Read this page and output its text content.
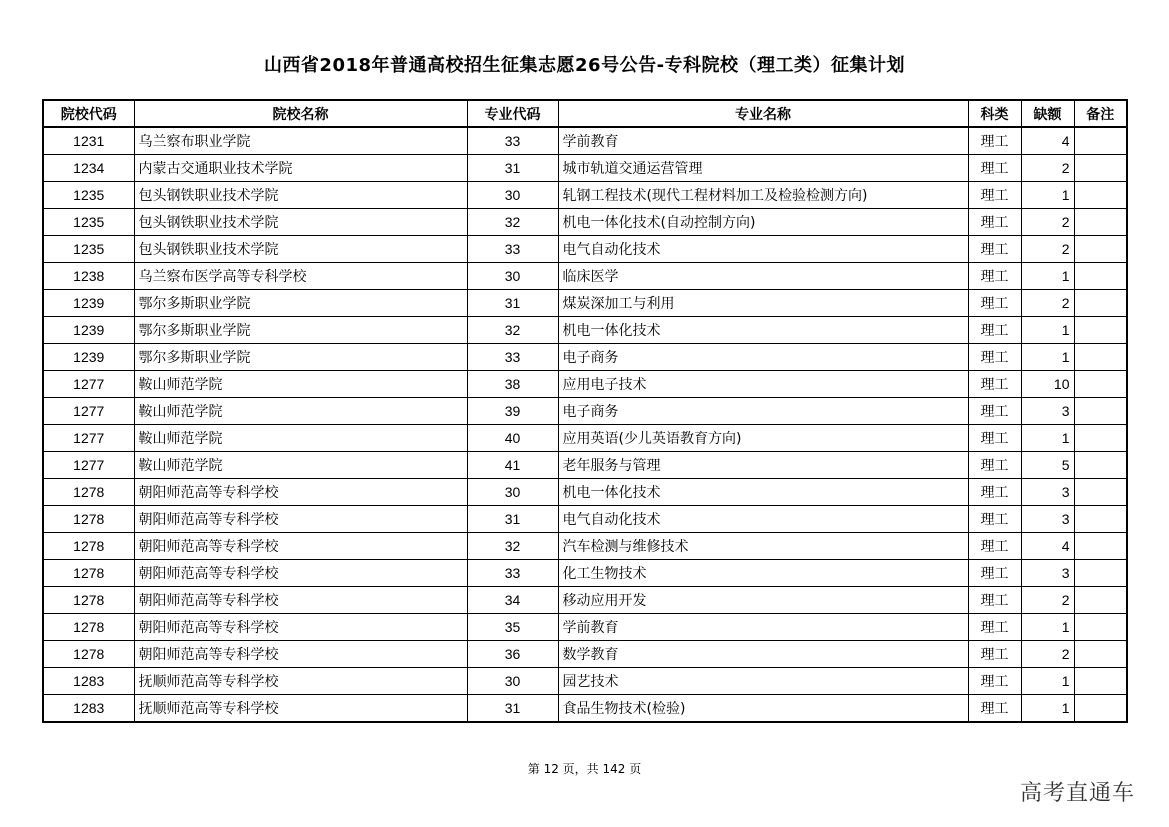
山西省2018年普通高校招生征集志愿26号公告-专科院校（理工类）征集计划
院校代码	院校名称	专业代码	专业名称	科类	缺额	备注
1231	乌兰察布职业学院	33	学前教育	理工	4	
1234	内蒙古交通职业技术学院	31	城市轨道交通运营管理	理工	2	
1235	包头钢铁职业技术学院	30	轧钢工程技术(现代工程材料加工及检验检测方向)	理工	1	
1235	包头钢铁职业技术学院	32	机电一体化技术(自动控制方向)	理工	2	
1235	包头钢铁职业技术学院	33	电气自动化技术	理工	2	
1238	乌兰察布医学高等专科学校	30	临床医学	理工	1	
1239	鄂尔多斯职业学院	31	煤炭深加工与利用	理工	2	
1239	鄂尔多斯职业学院	32	机电一体化技术	理工	1	
1239	鄂尔多斯职业学院	33	电子商务	理工	1	
1277	鞍山师范学院	38	应用电子技术	理工	10	
1277	鞍山师范学院	39	电子商务	理工	3	
1277	鞍山师范学院	40	应用英语(少儿英语教育方向)	理工	1	
1277	鞍山师范学院	41	老年服务与管理	理工	5	
1278	朝阳师范高等专科学校	30	机电一体化技术	理工	3	
1278	朝阳师范高等专科学校	31	电气自动化技术	理工	3	
1278	朝阳师范高等专科学校	32	汽车检测与维修技术	理工	4	
1278	朝阳师范高等专科学校	33	化工生物技术	理工	3	
1278	朝阳师范高等专科学校	34	移动应用开发	理工	2	
1278	朝阳师范高等专科学校	35	学前教育	理工	1	
1278	朝阳师范高等专科学校	36	数学教育	理工	2	
1283	抚顺师范高等专科学校	30	园艺技术	理工	1	
1283	抚顺师范高等专科学校	31	食品生物技术(检验)	理工	1	
第 12 页，共 142 页
高考直通车
